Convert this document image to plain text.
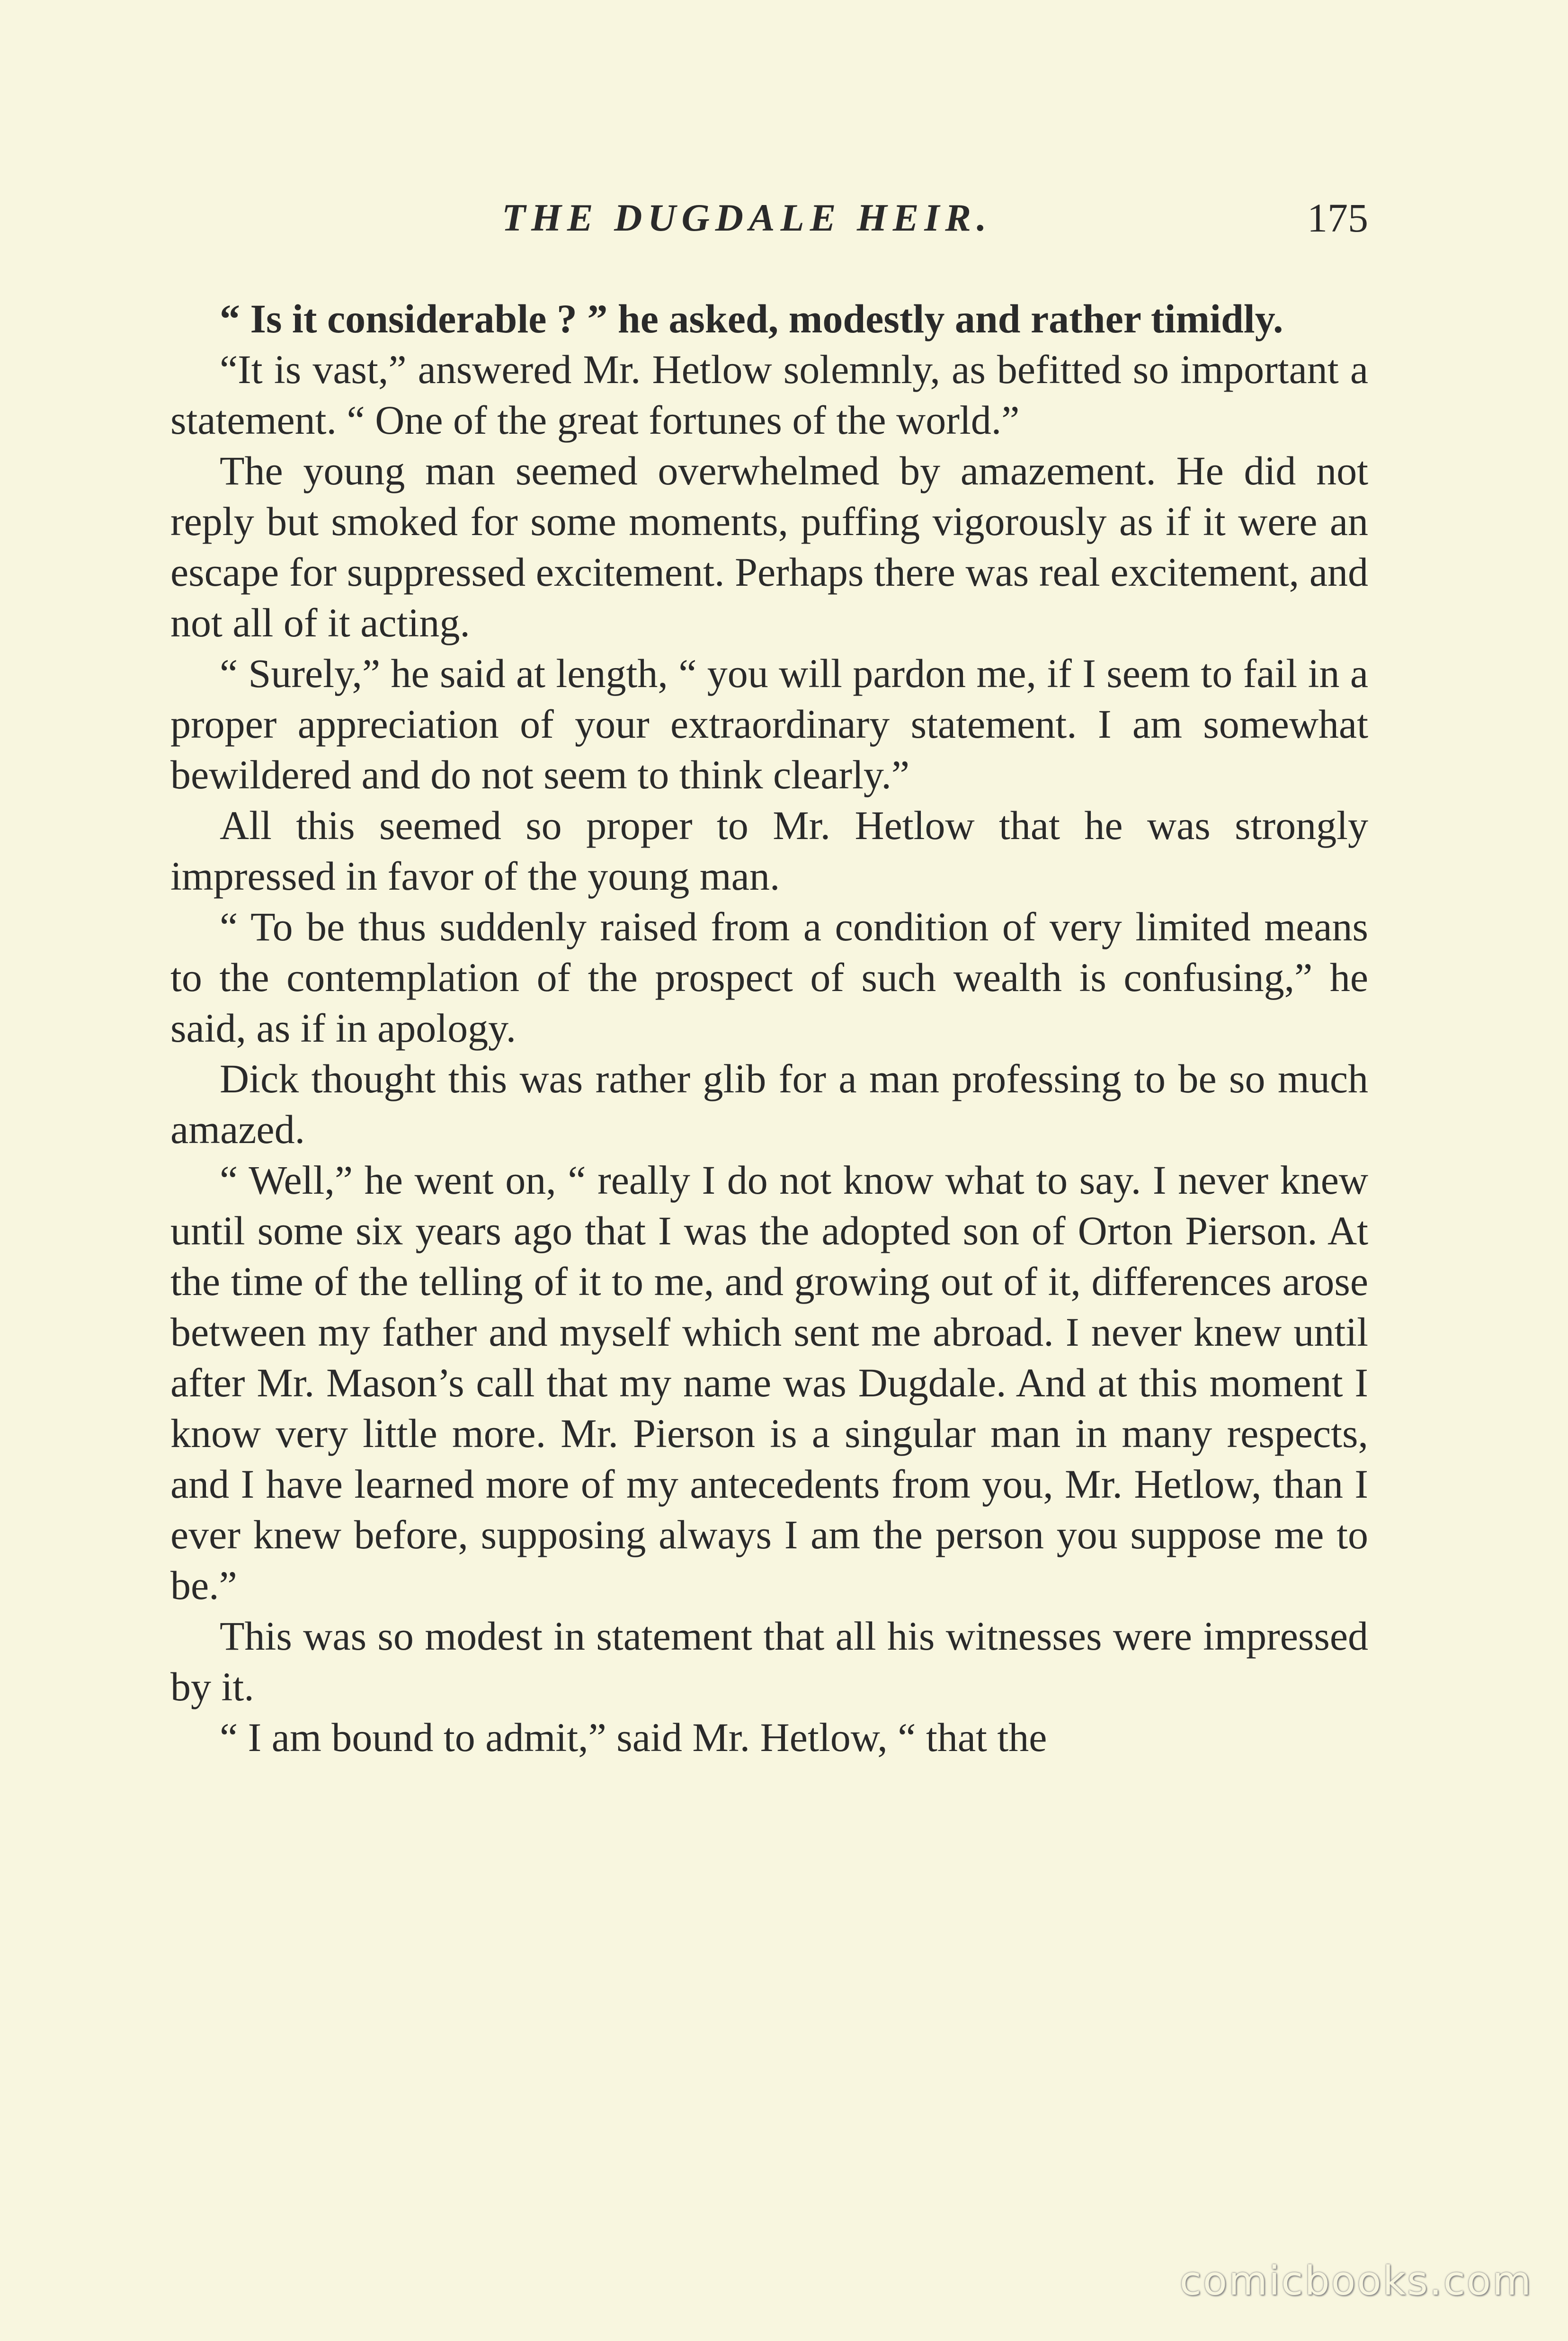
THE DUGDALE HEIR.	175

“ Is it considerable ? ” he asked, modestly and rather timidly.

“It is vast,” answered Mr. Hetlow solemnly, as befitted so important a statement. “ One of the great fortunes of the world.”

The young man seemed overwhelmed by amazement. He did not reply but smoked for some moments, puffing vigorously as if it were an escape for suppressed excitement. Perhaps there was real excitement, and not all of it acting.

“ Surely,” he said at length, “ you will pardon me, if I seem to fail in a proper appreciation of your extraordinary statement. I am somewhat bewildered and do not seem to think clearly.”

All this seemed so proper to Mr. Hetlow that he was strongly impressed in favor of the young man.

“ To be thus suddenly raised from a condition of very limited means to the contemplation of the prospect of such wealth is confusing,” he said, as if in apology.

Dick thought this was rather glib for a man professing to be so much amazed.

“ Well,” he went on, “ really I do not know what to say. I never knew until some six years ago that I was the adopted son of Orton Pierson. At the time of the telling of it to me, and growing out of it, differences arose between my father and myself which sent me abroad. I never knew until after Mr. Mason’s call that my name was Dugdale. And at this moment I know very little more. Mr. Pierson is a singular man in many respects, and I have learned more of my antecedents from you, Mr. Hetlow, than I ever knew before, supposing always I am the person you suppose me to be.”

This was so modest in statement that all his witnesses were impressed by it.

“ I am bound to admit,” said Mr. Hetlow, “ that the

comicbooks.com
